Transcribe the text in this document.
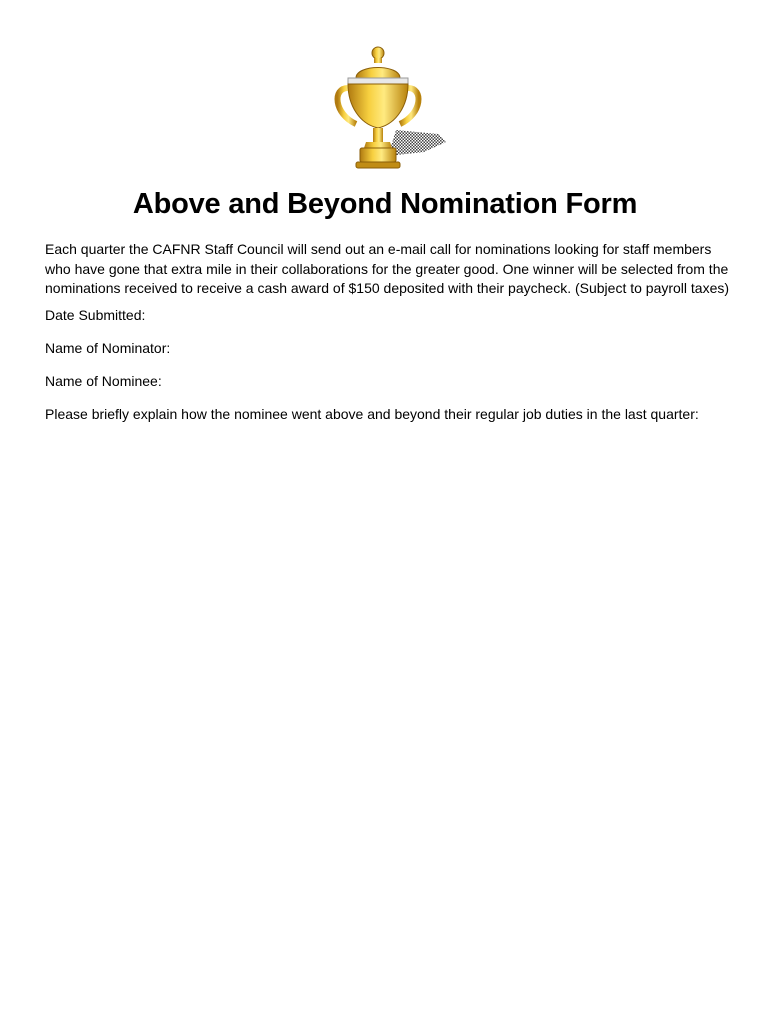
Above and Beyond Nomination Form
Each quarter the CAFNR Staff Council will send out an e-mail call for nominations looking for staff members
who have gone that extra mile in their collaborations for the greater good. One winner will be selected from the
nominations received to receive a cash award of $150 deposited with their paycheck. (Subject to payroll taxes)

Date Submitted:

Name of Nominator:

Name of Nominee:

Please briefly explain how the nominee went above and beyond their regular job duties in the last quarter:
